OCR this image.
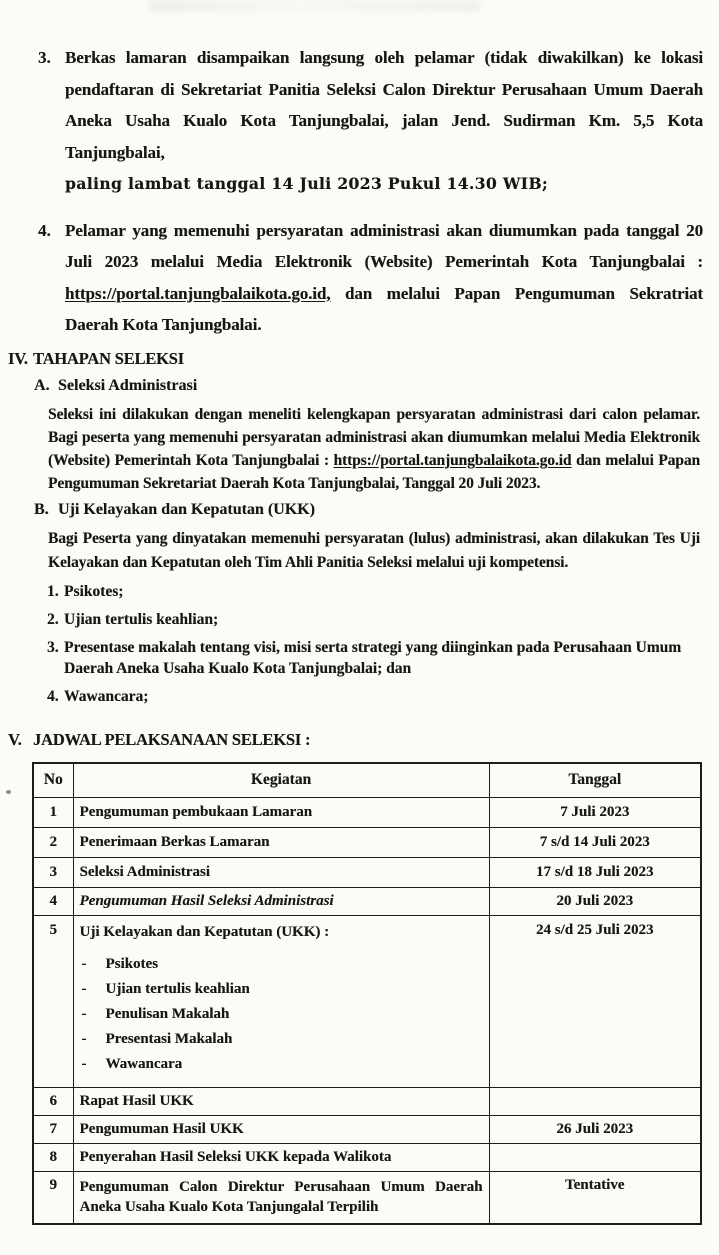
3. Berkas lamaran disampaikan langsung oleh pelamar (tidak diwakilkan) ke lokasi pendaftaran di Sekretariat Panitia Seleksi Calon Direktur Perusahaan Umum Daerah Aneka Usaha Kualo Kota Tanjungbalai, jalan Jend. Sudirman Km. 5,5 Kota Tanjungbalai,
paling lambat tanggal 14 Juli 2023 Pukul 14.30 WIB;
4. Pelamar yang memenuhi persyaratan administrasi akan diumumkan pada tanggal 20 Juli 2023 melalui Media Elektronik (Website) Pemerintah Kota Tanjungbalai : https://portal.tanjungbalaikota.go.id, dan melalui Papan Pengumuman Sekratriat Daerah Kota Tanjungbalai.
IV. TAHAPAN SELEKSI
A. Seleksi Administrasi
Seleksi ini dilakukan dengan meneliti kelengkapan persyaratan administrasi dari calon pelamar. Bagi peserta yang memenuhi persyaratan administrasi akan diumumkan melalui Media Elektronik (Website) Pemerintah Kota Tanjungbalai : https://portal.tanjungbalaikota.go.id dan melalui Papan Pengumuman Sekretariat Daerah Kota Tanjungbalai, Tanggal 20 Juli 2023.
B. Uji Kelayakan dan Kepatutan (UKK)
Bagi Peserta yang dinyatakan memenuhi persyaratan (lulus) administrasi, akan dilakukan Tes Uji Kelayakan dan Kepatutan oleh Tim Ahli Panitia Seleksi melalui uji kompetensi.
1. Psikotes;
2. Ujian tertulis keahlian;
3. Presentase makalah tentang visi, misi serta strategi yang diinginkan pada Perusahaan Umum Daerah Aneka Usaha Kualo Kota Tanjungbalai; dan
4. Wawancara;
V. JADWAL PELAKSANAAN SELEKSI :
No	Kegiatan	Tanggal
1	Pengumuman pembukaan Lamaran	7 Juli 2023
2	Penerimaan Berkas Lamaran	7 s/d 14 Juli 2023
3	Seleksi Administrasi	17 s/d 18 Juli 2023
4	Pengumuman Hasil Seleksi Administrasi	20 Juli 2023
5	Uji Kelayakan dan Kepatutan (UKK) :
- Psikotes
- Ujian tertulis keahlian
- Penulisan Makalah
- Presentasi Makalah
- Wawancara
	24 s/d 25 Juli 2023
6	Rapat Hasil UKK	
7	Pengumuman Hasil UKK	26 Juli 2023
8	Penyerahan Hasil Seleksi UKK kepada Walikota	
9	Pengumuman Calon Direktur Perusahaan Umum Daerah Aneka Usaha Kualo Kota Tanjungalal Terpilih	Tentative
